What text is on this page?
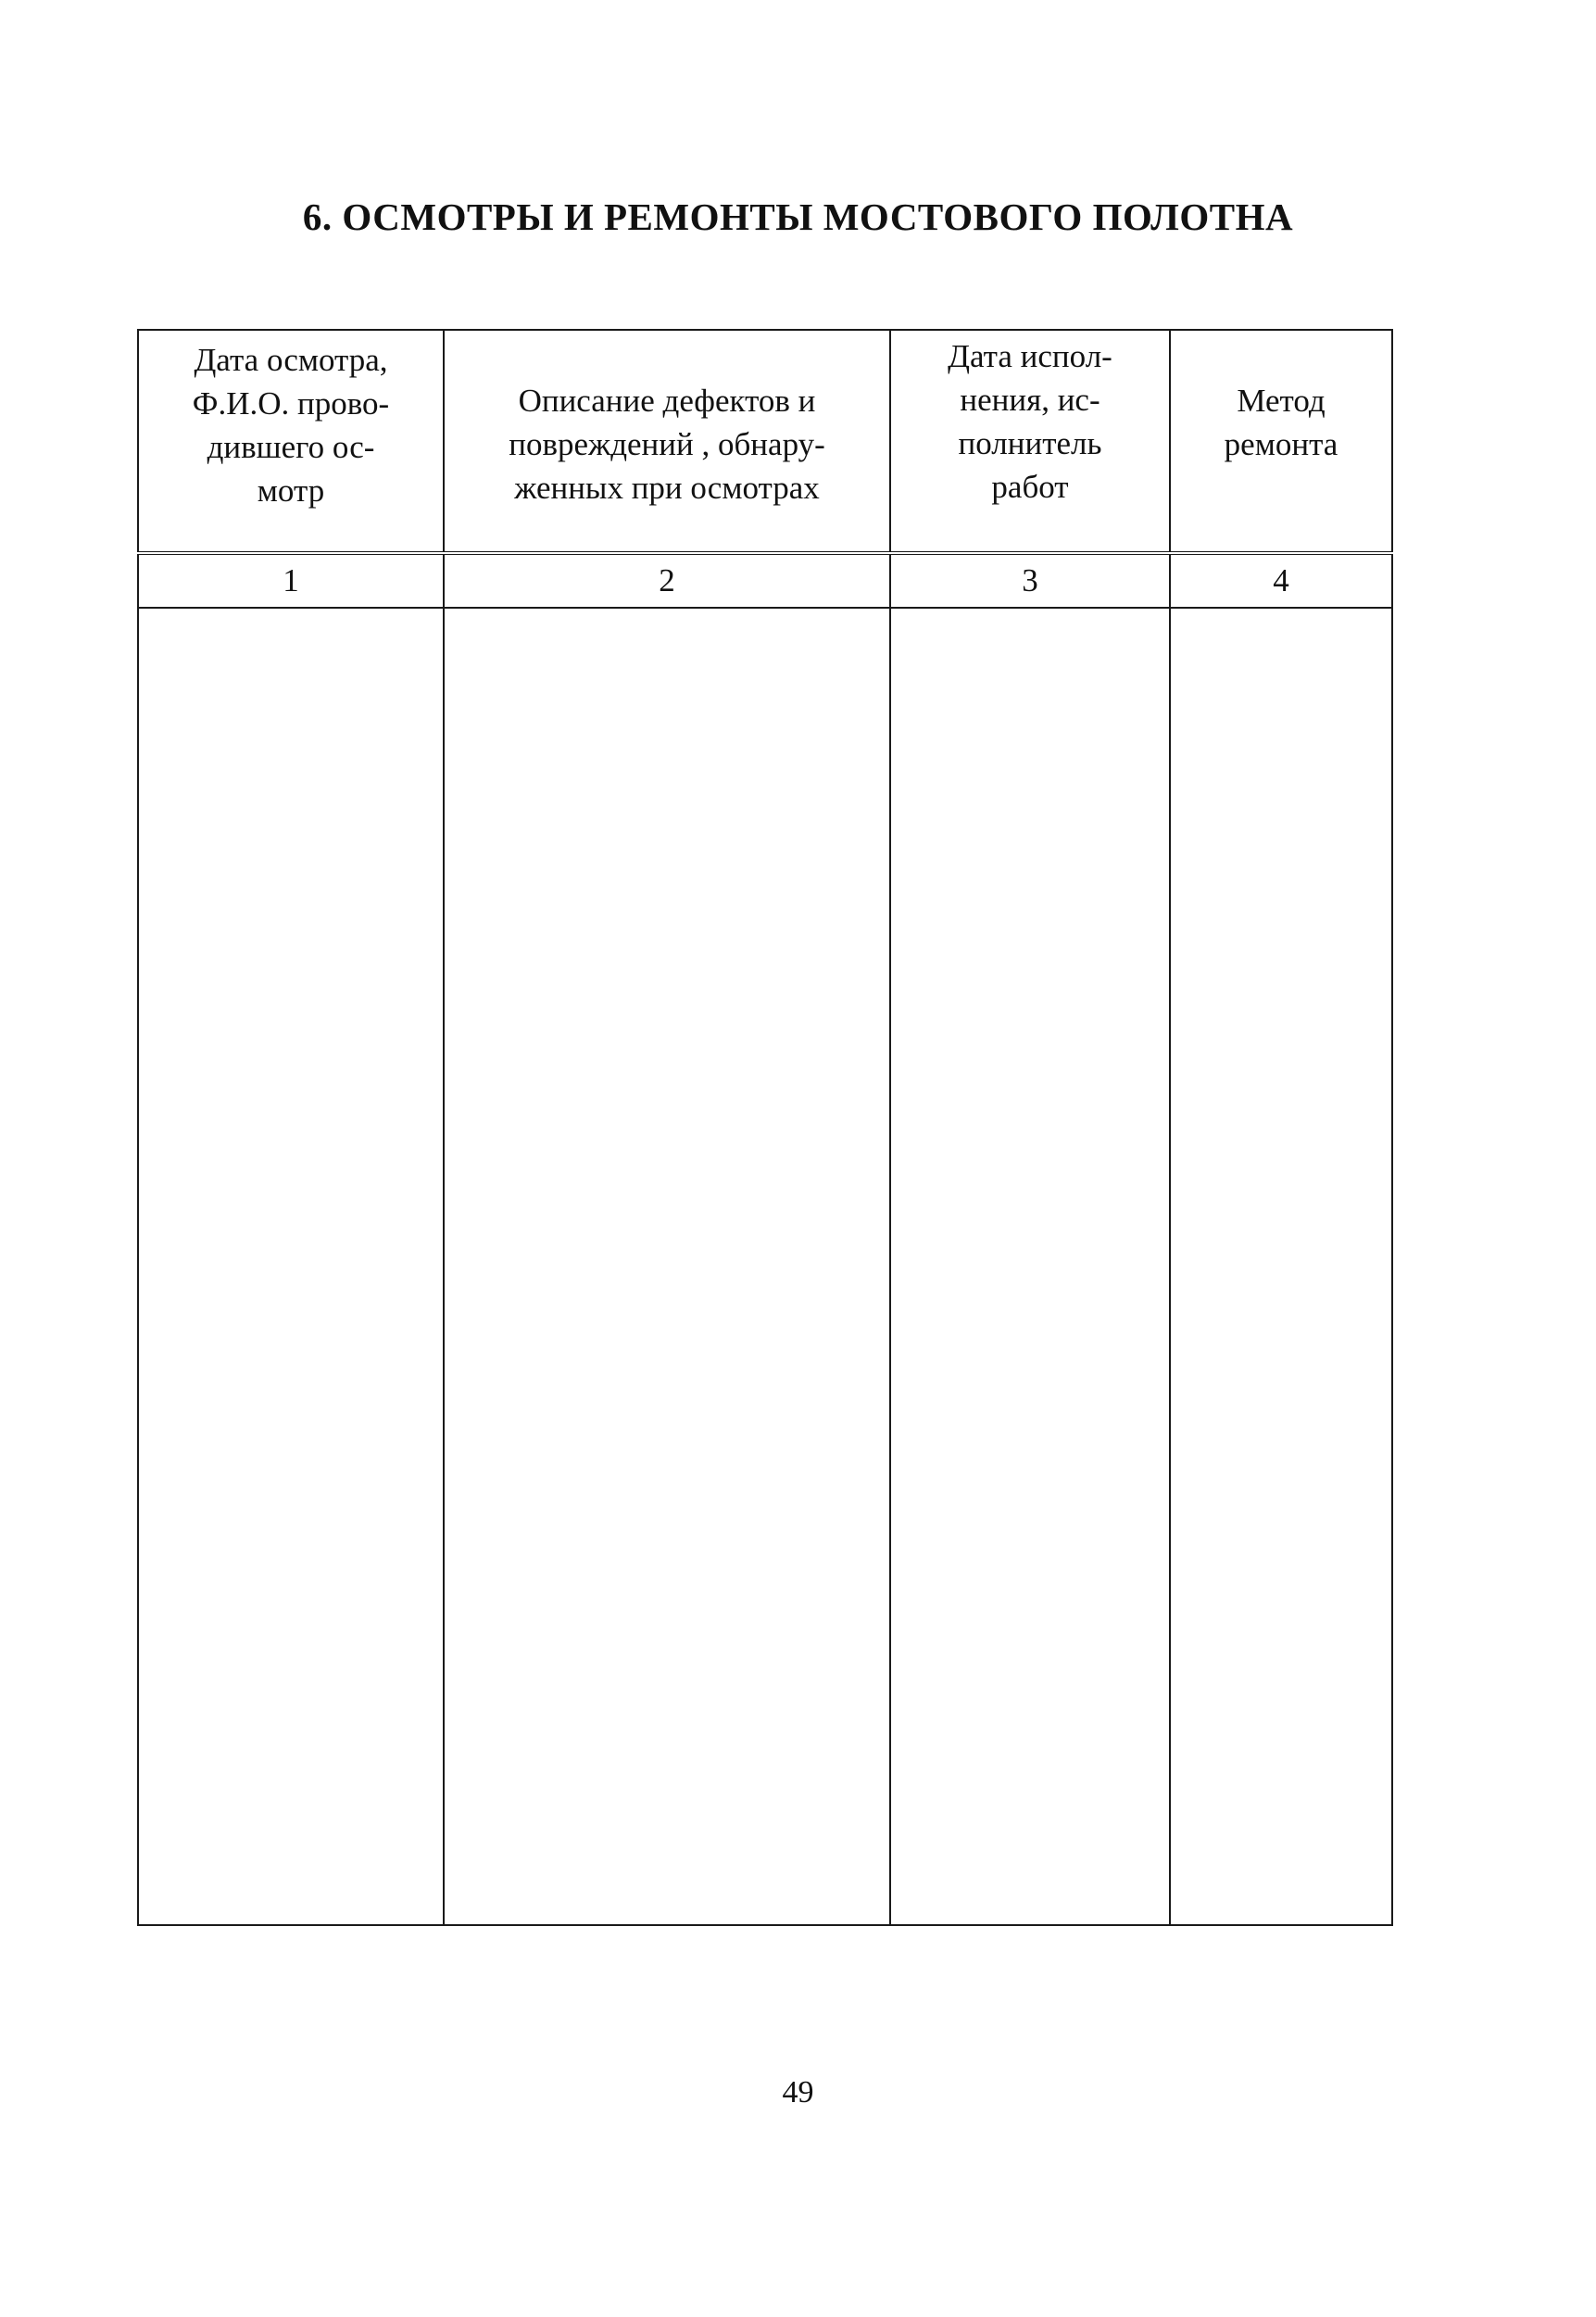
6. ОСМОТРЫ И РЕМОНТЫ МОСТОВОГО ПОЛОТНА
Дата осмотра,
Ф.И.О. прово-
дившего ос-
мотр	Описание дефектов и
повреждений , обнару-
женных при осмотрах	Дата испол-
нения, ис-
полнитель
работ	Метод
ремонта

1	2	3	4

49
